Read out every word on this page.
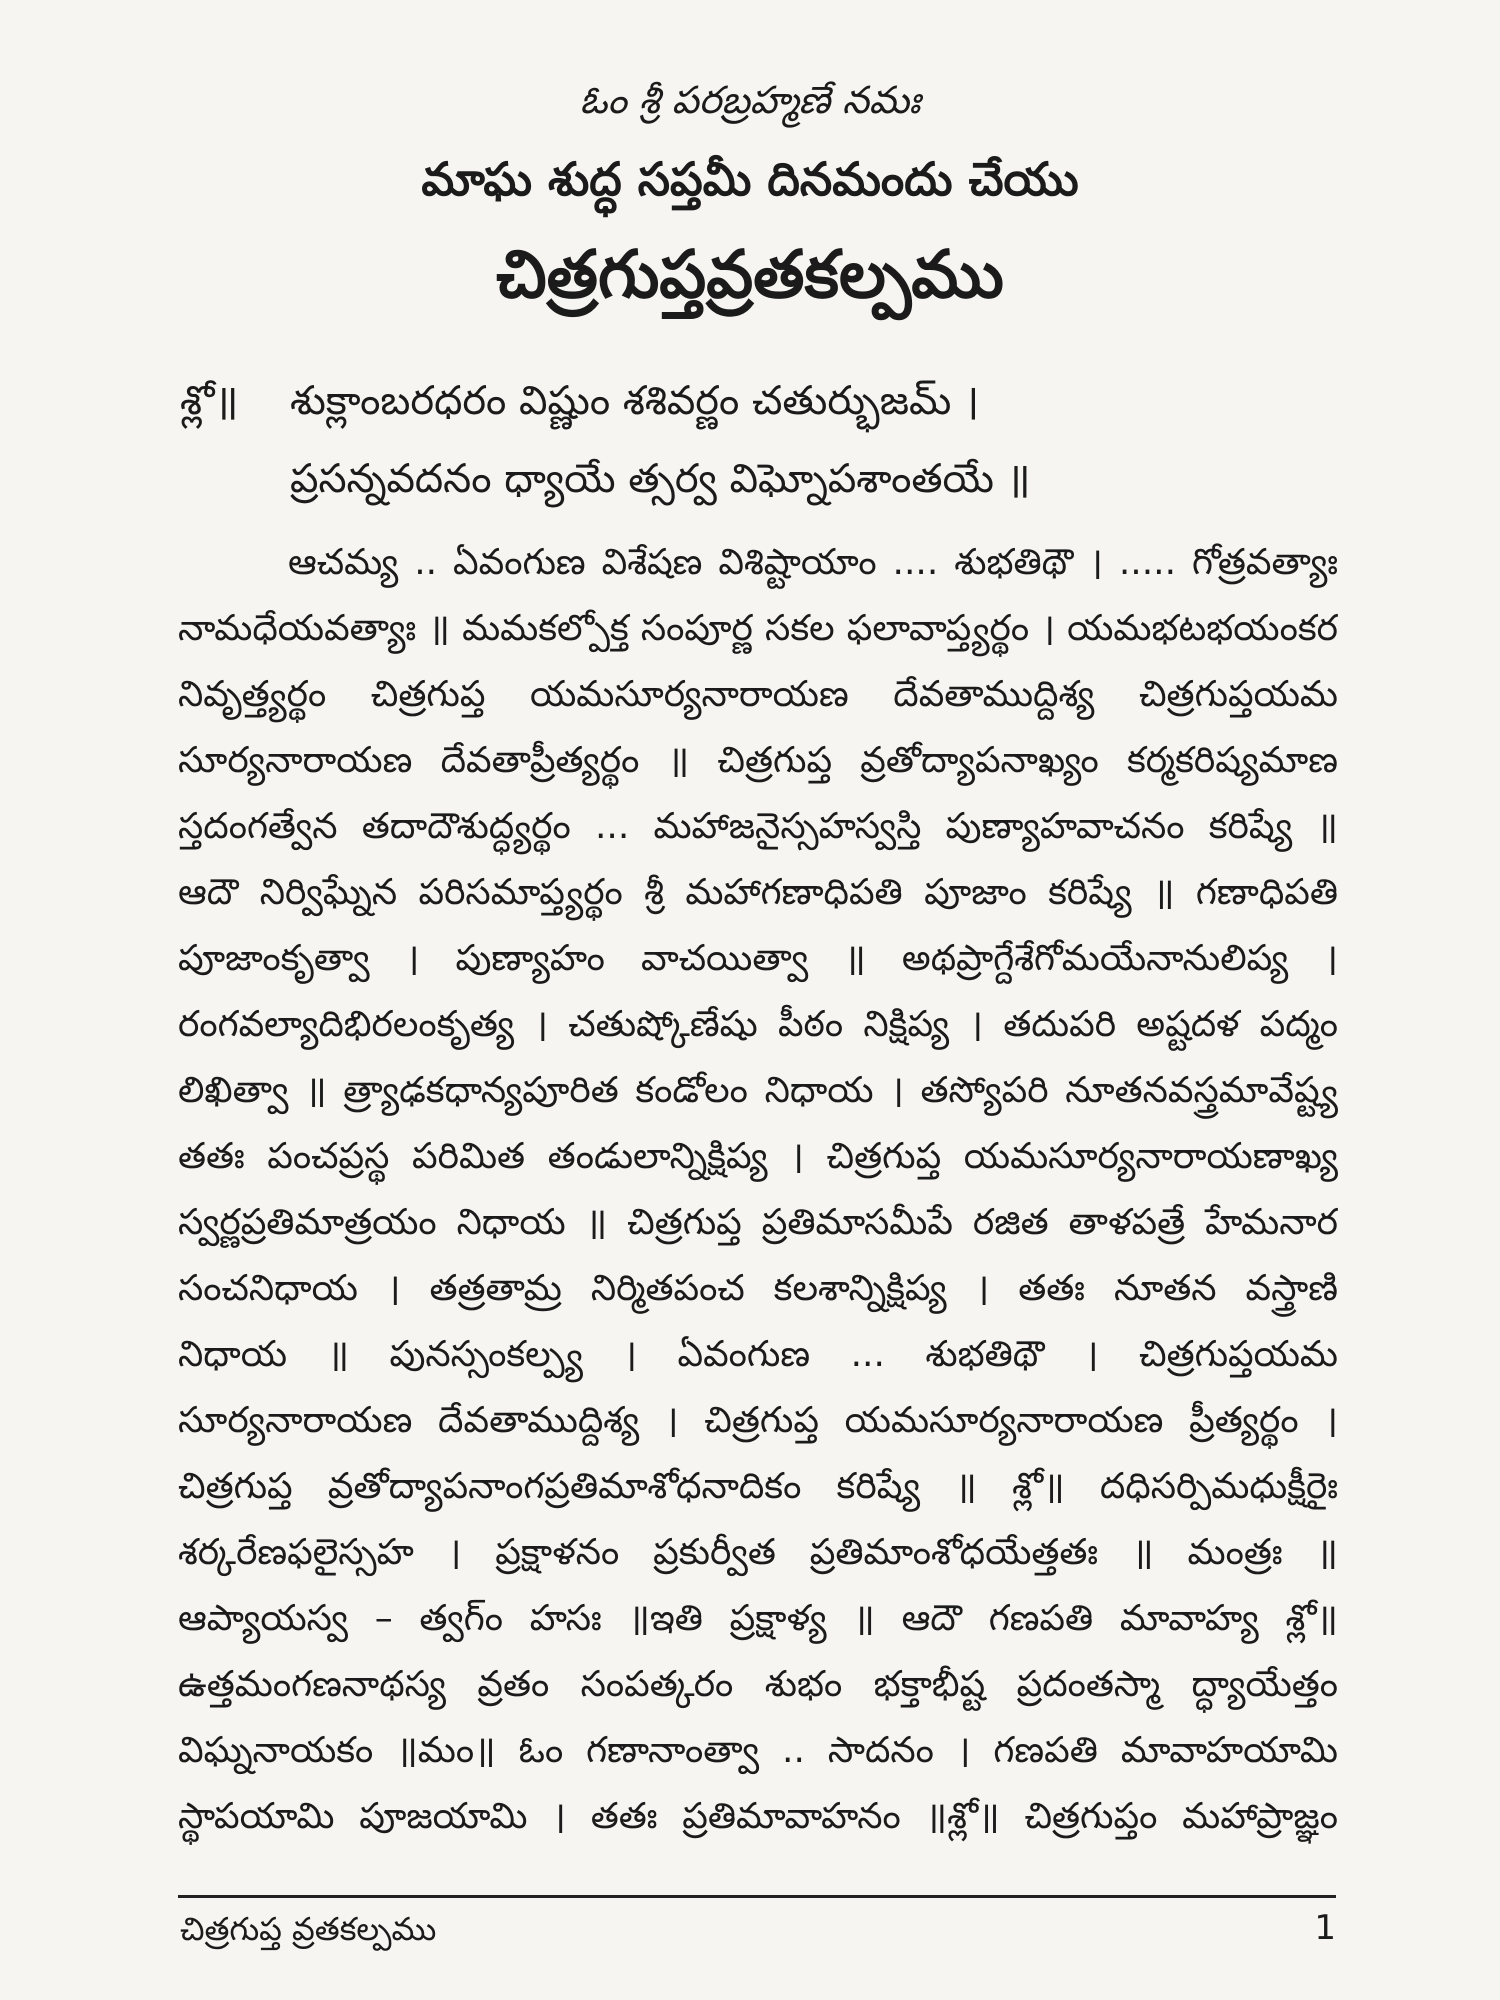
ఓం శ్రీ పరబ్రహ్మణే నమః
మాఘ శుద్ధ సప్తమీ దినమందు చేయు
చిత్రగుప్తవ్రతకల్పము
శ్లో॥ శుక్లాంబరధరం విష్ణుం శశివర్ణం చతుర్భుజమ్ ।
ప్రసన్నవదనం ధ్యాయే త్సర్వ విఘ్నోపశాంతయే ॥
ఆచమ్య .. ఏవంగుణ విశేషణ విశిష్టాయాం .... శుభతిథౌ । ..... గోత్రవత్యాః
నామధేయవత్యాః ॥ మమకల్పోక్త సంపూర్ణ సకల ఫలావాప్త్యర్థం । యమభటభయంకర
నివృత్త్యర్థం చిత్రగుప్త యమసూర్యనారాయణ దేవతాముద్దిశ్య చిత్రగుప్తయమ
సూర్యనారాయణ దేవతాప్రీత్యర్థం ॥ చిత్రగుప్త వ్రతోద్యాపనాఖ్యం కర్మకరిష్యమాణ
స్తదంగత్వేన తదాదౌశుద్ధ్యర్థం ... మహాజనైస్సహస్వస్తి పుణ్యాహవాచనం కరిష్యే ॥
ఆదౌ నిర్విఘ్నేన పరిసమాప్త్యర్థం శ్రీ మహాగణాధిపతి పూజాం కరిష్యే ॥ గణాధిపతి
పూజాంకృత్వా । పుణ్యాహం వాచయిత్వా ॥ అథప్రాగ్దేశేగోమయేనానులిప్య ।
రంగవల్యాదిభిరలంకృత్య । చతుష్కోణేషు పీఠం నిక్షిప్య । తదుపరి అష్టదళ పద్మం
లిఖిత్వా ॥ త్ర్యాఢకధాన్యపూరిత కండోలం నిధాయ । తస్యోపరి నూతనవస్త్రమావేష్ట్య
తతః పంచప్రస్థ పరిమిత తండులాన్నిక్షిప్య । చిత్రగుప్త యమసూర్యనారాయణాఖ్య
స్వర్ణప్రతిమాత్రయం నిధాయ ॥ చిత్రగుప్త ప్రతిమాసమీపే రజిత తాళపత్రే హేమనార
సంచనిధాయ । తత్రతామ్ర నిర్మితపంచ కలశాన్నిక్షిప్య । తతః నూతన వస్త్రాణి
నిధాయ ॥ పునస్సంకల్ప్య । ఏవంగుణ ... శుభతిథౌ । చిత్రగుప్తయమ
సూర్యనారాయణ దేవతాముద్దిశ్య । చిత్రగుప్త యమసూర్యనారాయణ ప్రీత్యర్థం ।
చిత్రగుప్త వ్రతోద్యాపనాంగప్రతిమాశోధనాదికం కరిష్యే ॥ శ్లో॥ దధిసర్పిమధుక్షీరైః
శర్కరేణఫలైస్సహ । ప్రక్షాళనం ప్రకుర్వీత ప్రతిమాంశోధయేత్తతః ॥ మంత్రః ॥
ఆప్యాయస్వ – త్వగ్ం హసః ॥ఇతి ప్రక్షాళ్య ॥ ఆదౌ గణపతి మావాహ్య శ్లో॥
ఉత్తమంగణనాథస్య వ్రతం సంపత్కరం శుభం భక్తాభీష్ట ప్రదంతస్మా ద్ధ్యాయేత్తం
విఘ్ననాయకం ॥మం॥ ఓం గణానాంత్వా .. సాదనం । గణపతి మావాహయామి
స్థాపయామి పూజయామి । తతః ప్రతిమావాహనం ॥శ్లో॥ చిత్రగుప్తం మహాప్రాజ్ఞం
చిత్రగుప్త వ్రతకల్పము	1
